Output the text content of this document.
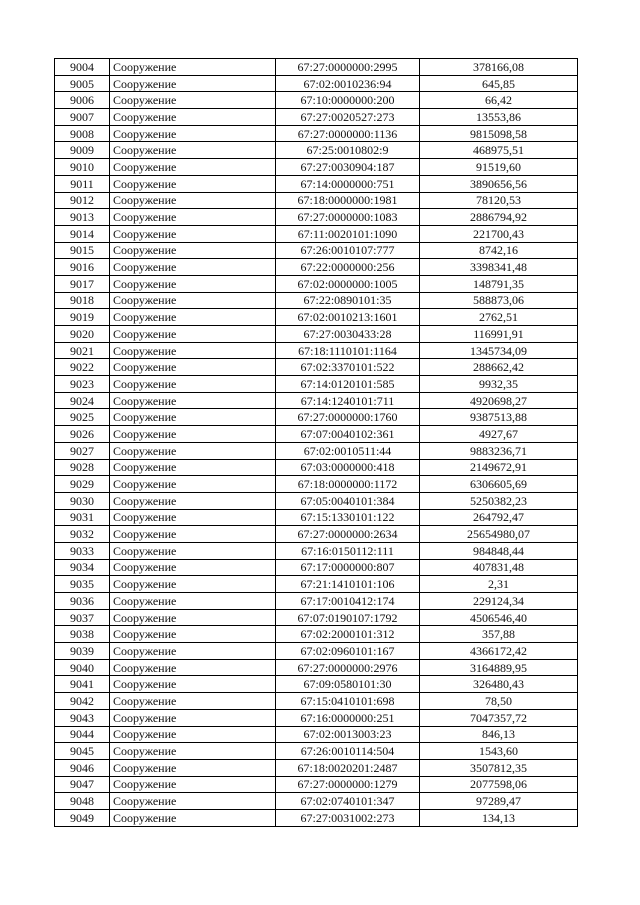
9004	Сооружение	67:27:0000000:2995	378166,08
9005	Сооружение	67:02:0010236:94	645,85
9006	Сооружение	67:10:0000000:200	66,42
9007	Сооружение	67:27:0020527:273	13553,86
9008	Сооружение	67:27:0000000:1136	9815098,58
9009	Сооружение	67:25:0010802:9	468975,51
9010	Сооружение	67:27:0030904:187	91519,60
9011	Сооружение	67:14:0000000:751	3890656,56
9012	Сооружение	67:18:0000000:1981	78120,53
9013	Сооружение	67:27:0000000:1083	2886794,92
9014	Сооружение	67:11:0020101:1090	221700,43
9015	Сооружение	67:26:0010107:777	8742,16
9016	Сооружение	67:22:0000000:256	3398341,48
9017	Сооружение	67:02:0000000:1005	148791,35
9018	Сооружение	67:22:0890101:35	588873,06
9019	Сооружение	67:02:0010213:1601	2762,51
9020	Сооружение	67:27:0030433:28	116991,91
9021	Сооружение	67:18:1110101:1164	1345734,09
9022	Сооружение	67:02:3370101:522	288662,42
9023	Сооружение	67:14:0120101:585	9932,35
9024	Сооружение	67:14:1240101:711	4920698,27
9025	Сооружение	67:27:0000000:1760	9387513,88
9026	Сооружение	67:07:0040102:361	4927,67
9027	Сооружение	67:02:0010511:44	9883236,71
9028	Сооружение	67:03:0000000:418	2149672,91
9029	Сооружение	67:18:0000000:1172	6306605,69
9030	Сооружение	67:05:0040101:384	5250382,23
9031	Сооружение	67:15:1330101:122	264792,47
9032	Сооружение	67:27:0000000:2634	25654980,07
9033	Сооружение	67:16:0150112:111	984848,44
9034	Сооружение	67:17:0000000:807	407831,48
9035	Сооружение	67:21:1410101:106	2,31
9036	Сооружение	67:17:0010412:174	229124,34
9037	Сооружение	67:07:0190107:1792	4506546,40
9038	Сооружение	67:02:2000101:312	357,88
9039	Сооружение	67:02:0960101:167	4366172,42
9040	Сооружение	67:27:0000000:2976	3164889,95
9041	Сооружение	67:09:0580101:30	326480,43
9042	Сооружение	67:15:0410101:698	78,50
9043	Сооружение	67:16:0000000:251	7047357,72
9044	Сооружение	67:02:0013003:23	846,13
9045	Сооружение	67:26:0010114:504	1543,60
9046	Сооружение	67:18:0020201:2487	3507812,35
9047	Сооружение	67:27:0000000:1279	2077598,06
9048	Сооружение	67:02:0740101:347	97289,47
9049	Сооружение	67:27:0031002:273	134,13
